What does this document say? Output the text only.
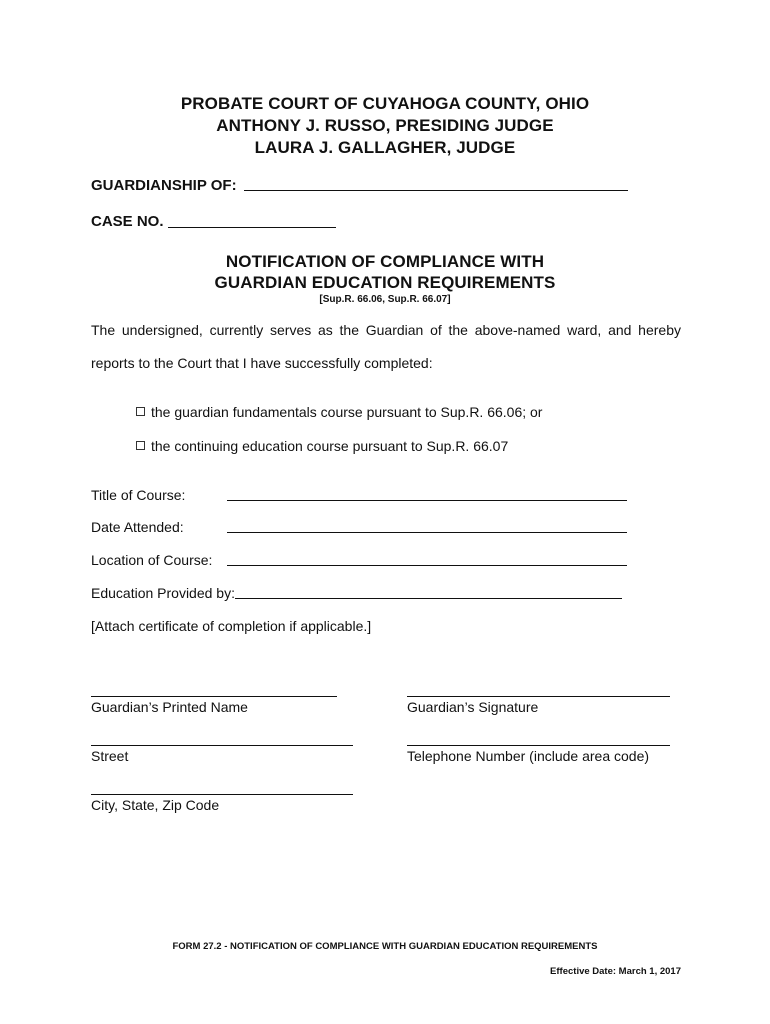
PROBATE COURT OF CUYAHOGA COUNTY, OHIO
ANTHONY J. RUSSO, PRESIDING JUDGE
LAURA J. GALLAGHER, JUDGE
GUARDIANSHIP OF:
CASE NO.
NOTIFICATION OF COMPLIANCE WITH
GUARDIAN EDUCATION REQUIREMENTS
[Sup.R. 66.06, Sup.R. 66.07]
The undersigned, currently serves as the Guardian of the above-named ward, and hereby
reports to the Court that I have successfully completed:
the guardian fundamentals course pursuant to Sup.R. 66.06; or
the continuing education course pursuant to Sup.R. 66.07
Title of Course:
Date Attended:
Location of Course:
Education Provided by:
[Attach certificate of completion if applicable.]
Guardian’s Printed Name	Guardian’s Signature
Street	Telephone Number (include area code)
City, State, Zip Code
FORM 27.2 - NOTIFICATION OF COMPLIANCE WITH GUARDIAN EDUCATION REQUIREMENTS
Effective Date: March 1, 2017
